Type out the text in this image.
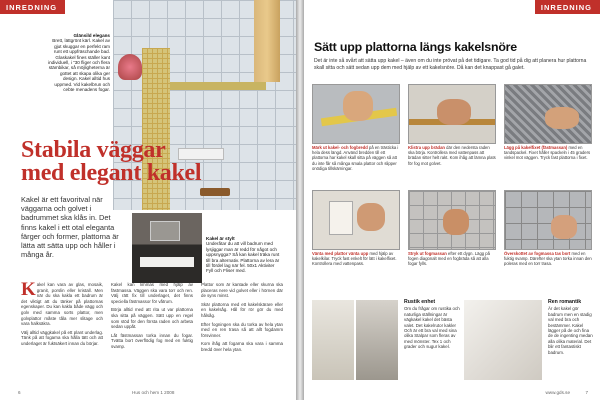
INREDNING
Glänsild elegans
Brett, lättgrönt kärl. Kakel av gjut skuggar en perfekt ram runt ett uppfräschande bad. Glaskakel fines ställer kant individuell, i "30 fliger och flera stämbikar, så möjligheterna är gottet att skapa olika ger design. Kakel alltid hus uppmed. Vid kakelbrun och cebte menadens fogar.
Kakel är stylt
Underåtar du att vill badrum med lysjiggar man är redd för något och uppsnygga? Så kan kakel träka runt till bra alternativ. Plattorna av lera är till fördel lag när fel. 50x1 Aktiviter Fyll och Fliser med.
Stabila väggar
med elegant kakel
Kakel är ett favoritval när väggarna och golvet i badrummet ska klås in. Det finns kakel i ett otal eleganta färger och former, plattorna är lätta att sätta upp och håller i många år.

Kakel kan vara av glas, mosaik, granit, porslin eller kristall. Men när du ska kakla ett badrum är det viktigt att du tänker på plattornas egenskaper. Du kan kakla både vägg och golv med samma sorts plattor, men golvplattor måste tåla mer slitage och vara halksäkra.

Välj alltid väggkakel på ett plant underlag. Tänk på att fogarna ska hålla tätt och att underlaget är fuktsäkert innan du börjar.

Kakel kan limmas med hjälp av fästmassa. Väggen ska vara torr och ren. Välj rätt fix till underlaget, det finns speciella fästmassor för våtrum.

Börja alltid med att rita ut var plattorna ska sitta på väggen. Sätt upp en regel som stöd för den första raden och arbeta sedan uppåt.

Låt fästmassan torka innan du fogar. Tvätta bort överflödig fog med en fuktig svamp.

Plattor som är kantade eller skurna ska placeras nere vid golvet eller i hörnen där de syns minst.

Skär plattorna med ett kakelskärare eller en kakelsåg. Hål för rör gör du med hålsåg.

Efter fogningen ska du torka av hela ytan med en ren trasa så att allt fogdamm försvinner.

Kom ihåg att fogarna ska vara i samma bredd över hela ytan.

6	Hus och hem 1 2008
INREDNING
Sätt upp plattorna längs kakelsnöre
Det är inte så svårt att sätta upp kakel – även om du inte prövat på det tidigare. Ta god tid på dig att planera hur plattorna skall sitta och sätt sedan upp dem med hjälp av ett kakelsnöre. Då kan det knappast gå galet.
Märk ut kakel- och fogbredd på en trästicka i hela dess längd. Använd bredden till ett plattorna har kakel skall sitta på väggen så att du inte får så många smala plattor och slipper onödiga tillskärningar.
Klistra upp brädan där den nedersta raden ska börja. Kontrollera med vattenpass att brädan sitter helt rakt. Kom ihåg att lämna plats för fog mot golvet.
Lägg på kakelfixet (fästmassan) med en tandspackel. Fixet håller spackeln i 45 graders vinkel mot väggen. Tryck fast plattorna i fixet.
Vänta med plattor vänta upp med hjälp av kakelkilar. Tryck fast enkelt för lätt i kakelfixet. Kontrollera med vattenpass.
Stryk ut fogmassan efter ett dygn. Lägg på fogen diagonalt med en fogbräda så att alla fogar fylls.
Överskottet av fogmassa tas bort med en fuktig svamp. Därefter ska ytan torka innan den poleras med en torr trasa.
Rustik enhet
Om du frågar om rustika och naturliga ställningar är vägkakel kakel det bästa valet. Det kakelrutor kakler Och är ett bra val med sina olika Stalpar som fleras av med mönster. Tex 1 och grader och sugur kakel.
Ren romantik
Är det kakel gör badrum men en stadig val med bra och bestämmer. Kakel lägger på de och fina de de ingenting medan alla olika material. Det blir ett fantastiskt badrum.
www.gds.se	7
